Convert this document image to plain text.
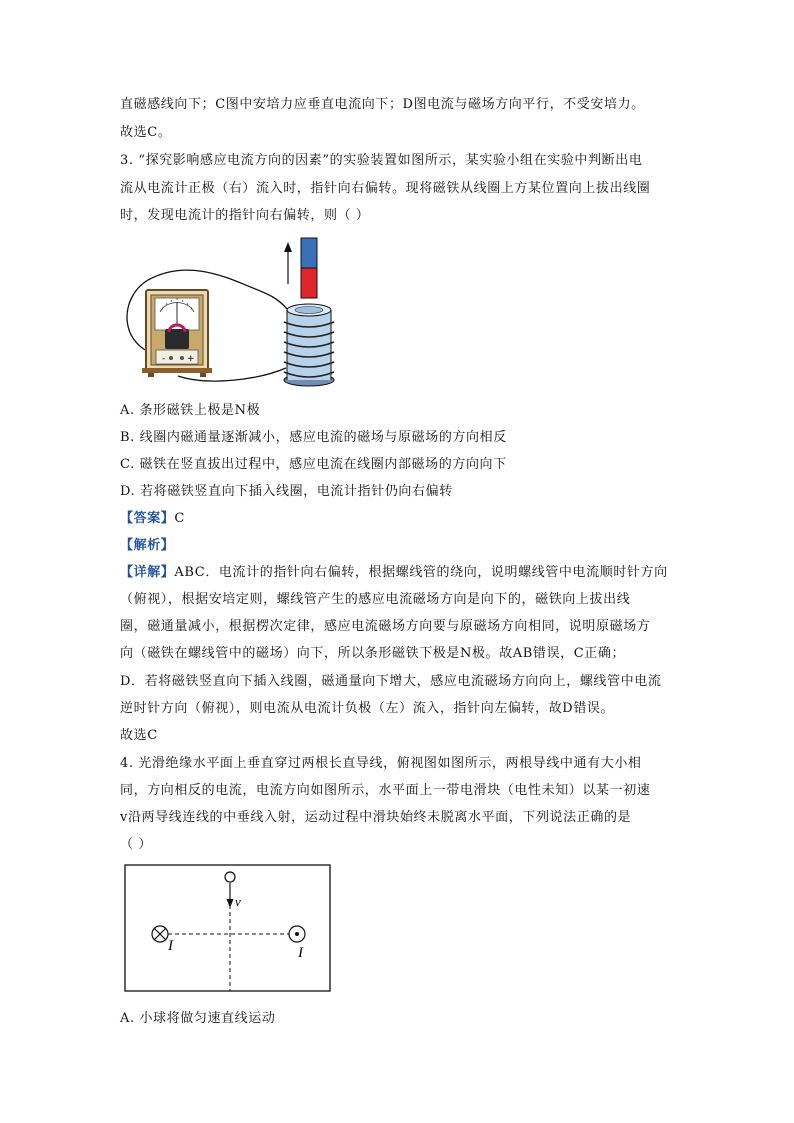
直磁感线向下；C图中安培力应垂直电流向下；D图电流与磁场方向平行，不受安培力。
故选C。
3. “探究影响感应电流方向的因素”的实验装置如图所示，某实验小组在实验中判断出电
流从电流计正极（右）流入时，指针向右偏转。现将磁铁从线圈上方某位置向上拔出线圈
时，发现电流计的指针向右偏转，则（ ）
- +
A. 条形磁铁上极是N极
B. 线圈内磁通量逐渐减小，感应电流的磁场与原磁场的方向相反
C. 磁铁在竖直拔出过程中，感应电流在线圈内部磁场的方向向下
D. 若将磁铁竖直向下插入线圈，电流计指针仍向右偏转
【答案】C
【解析】
【详解】ABC．电流计的指针向右偏转，根据螺线管的绕向，说明螺线管中电流顺时针方向
（俯视），根据安培定则，螺线管产生的感应电流磁场方向是向下的，磁铁向上拔出线
圈，磁通量减小，根据楞次定律，感应电流磁场方向要与原磁场方向相同，说明原磁场方
向（磁铁在螺线管中的磁场）向下，所以条形磁铁下极是N极。故AB错误，C正确；
D．若将磁铁竖直向下插入线圈，磁通量向下增大，感应电流磁场方向向上，螺线管中电流
逆时针方向（俯视），则电流从电流计负极（左）流入，指针向左偏转，故D错误。
故选C
4. 光滑绝缘水平面上垂直穿过两根长直导线，俯视图如图所示，两根导线中通有大小相
同，方向相反的电流，电流方向如图所示，水平面上一带电滑块（电性未知）以某一初速
v沿两导线连线的中垂线入射，运动过程中滑块始终未脱离水平面，下列说法正确的是
（ ）
v
I	I
A. 小球将做匀速直线运动
